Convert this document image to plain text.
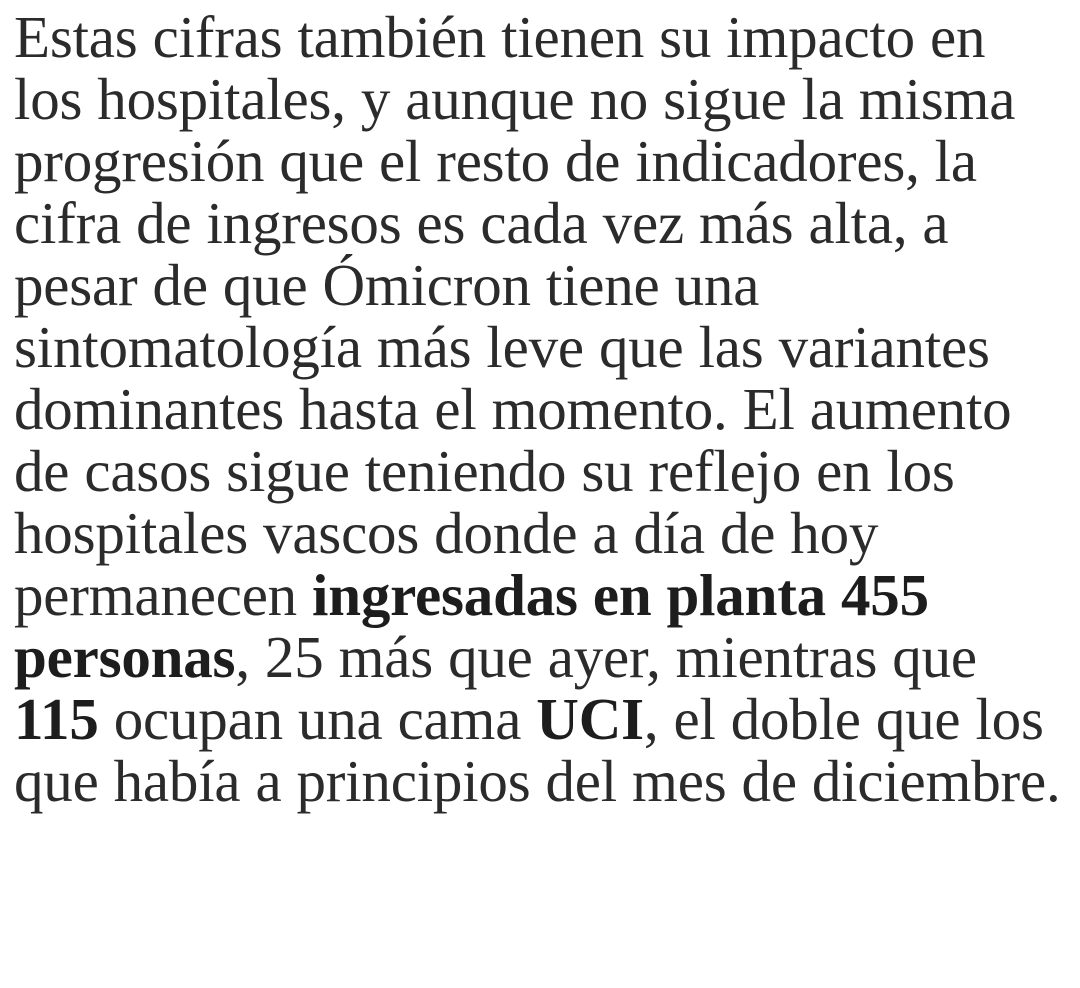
Estas cifras también tienen su impacto en los hospitales, y aunque no sigue la misma progresión que el resto de indicadores, la cifra de ingresos es cada vez más alta, a pesar de que Ómicron tiene una sintomatología más leve que las variantes dominantes hasta el momento. El aumento de casos sigue teniendo su reflejo en los hospitales vascos donde a día de hoy permanecen ingresadas en planta 455 personas, 25 más que ayer, mientras que 115 ocupan una cama UCI, el doble que los que había a principios del mes de diciembre.
